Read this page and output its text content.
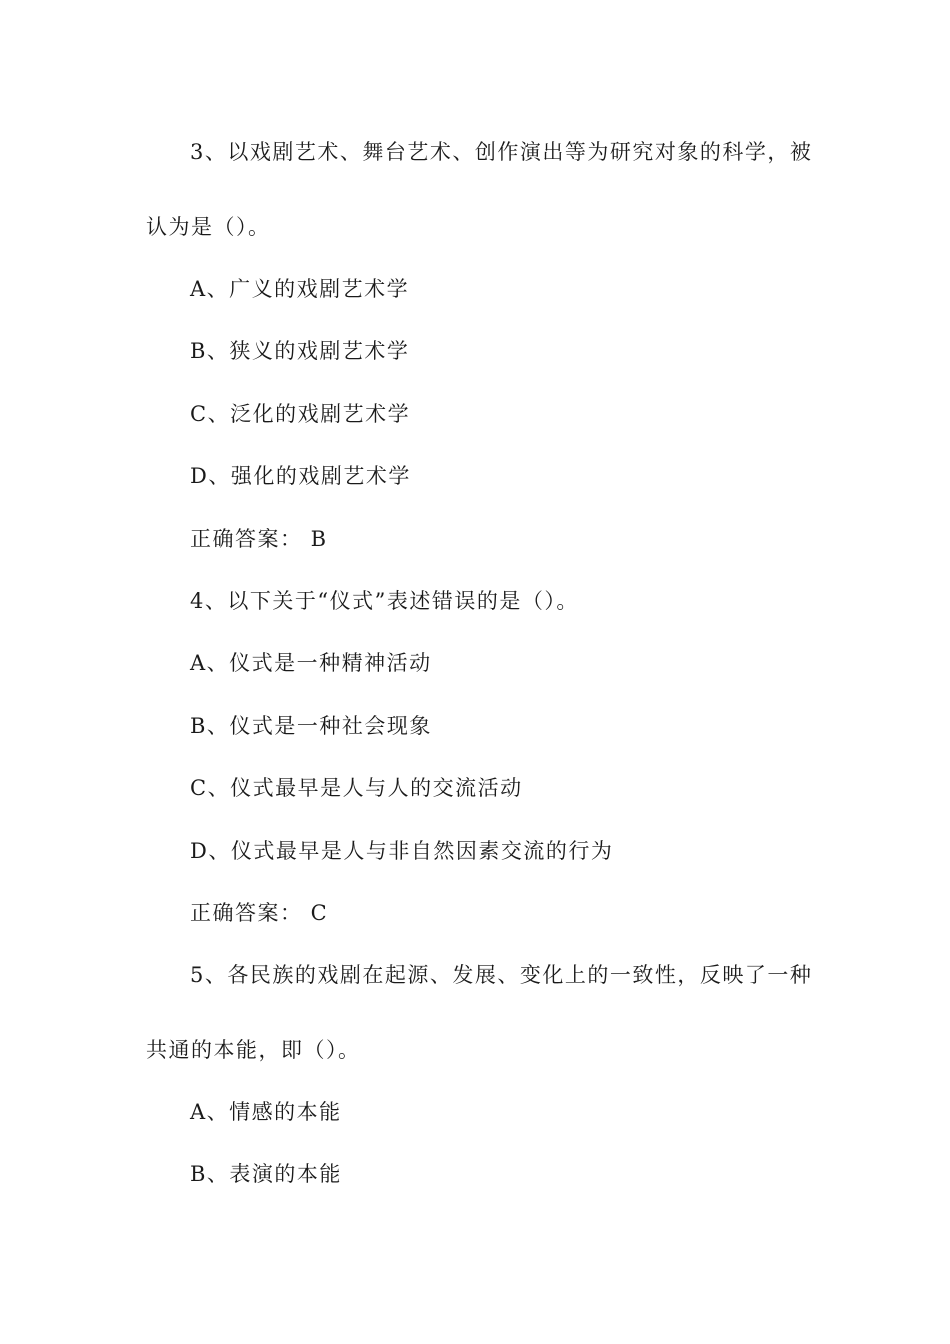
3、以戏剧艺术、舞台艺术、创作演出等为研究对象的科学，被
认为是（）。
A、广义的戏剧艺术学
B、狭义的戏剧艺术学
C、泛化的戏剧艺术学
D、强化的戏剧艺术学
正确答案： B
4、以下关于“仪式”表述错误的是（）。
A、仪式是一种精神活动
B、仪式是一种社会现象
C、仪式最早是人与人的交流活动
D、仪式最早是人与非自然因素交流的行为
正确答案： C
5、各民族的戏剧在起源、发展、变化上的一致性，反映了一种
共通的本能，即（）。
A、情感的本能
B、表演的本能
